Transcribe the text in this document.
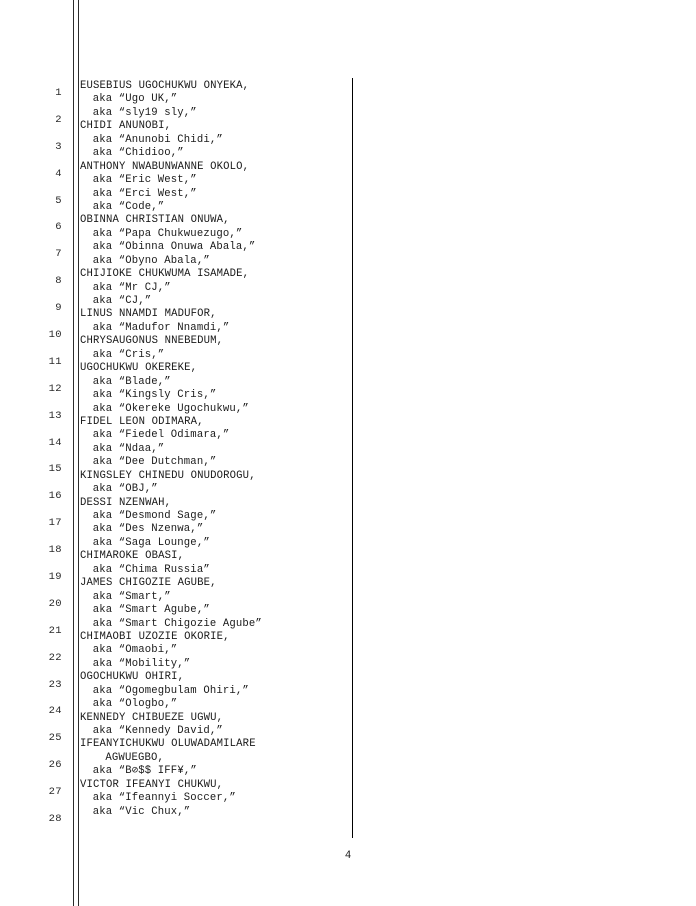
1
2
3
4
5
6
7
8
9
10
11
12
13
14
15
16
17
18
19
20
21
22
23
24
25
26
27
28
EUSEBIUS UGOCHUKWU ONYEKA,
aka “Ugo UK,”
aka “sly19 sly,”
CHIDI ANUNOBI,
aka “Anunobi Chidi,”
aka “Chidioo,”
ANTHONY NWABUNWANNE OKOLO,
aka “Eric West,”
aka “Erci West,”
aka “Code,”
OBINNA CHRISTIAN ONUWA,
aka “Papa Chukwuezugo,”
aka “Obinna Onuwa Abala,”
aka “Obyno Abala,”
CHIJIOKE CHUKWUMA ISAMADE,
aka “Mr CJ,”
aka “CJ,”
LINUS NNAMDI MADUFOR,
aka “Madufor Nnamdi,”
CHRYSAUGONUS NNEBEDUM,
aka “Cris,”
UGOCHUKWU OKEREKE,
aka “Blade,”
aka “Kingsly Cris,”
aka “Okereke Ugochukwu,”
FIDEL LEON ODIMARA,
aka “Fiedel Odimara,”
aka “Ndaa,”
aka “Dee Dutchman,”
KINGSLEY CHINEDU ONUDOROGU,
aka “OBJ,”
DESSI NZENWAH,
aka “Desmond Sage,”
aka “Des Nzenwa,”
aka “Saga Lounge,”
CHIMAROKE OBASI,
aka “Chima Russia”
JAMES CHIGOZIE AGUBE,
aka “Smart,”
aka “Smart Agube,”
aka “Smart Chigozie Agube”
CHIMAOBI UZOZIE OKORIE,
aka “Omaobi,”
aka “Mobility,”
OGOCHUKWU OHIRI,
aka “Ogomegbulam Ohiri,”
aka “Ologbo,”
KENNEDY CHIBUEZE UGWU,
aka “Kennedy David,”
IFEANYICHUKWU OLUWADAMILARE
AGWUEGBO,
aka “B⊘$$ IFF¥,”
VICTOR IFEANYI CHUKWU,
aka “Ifeannyi Soccer,”
aka “Vic Chux,”
4
